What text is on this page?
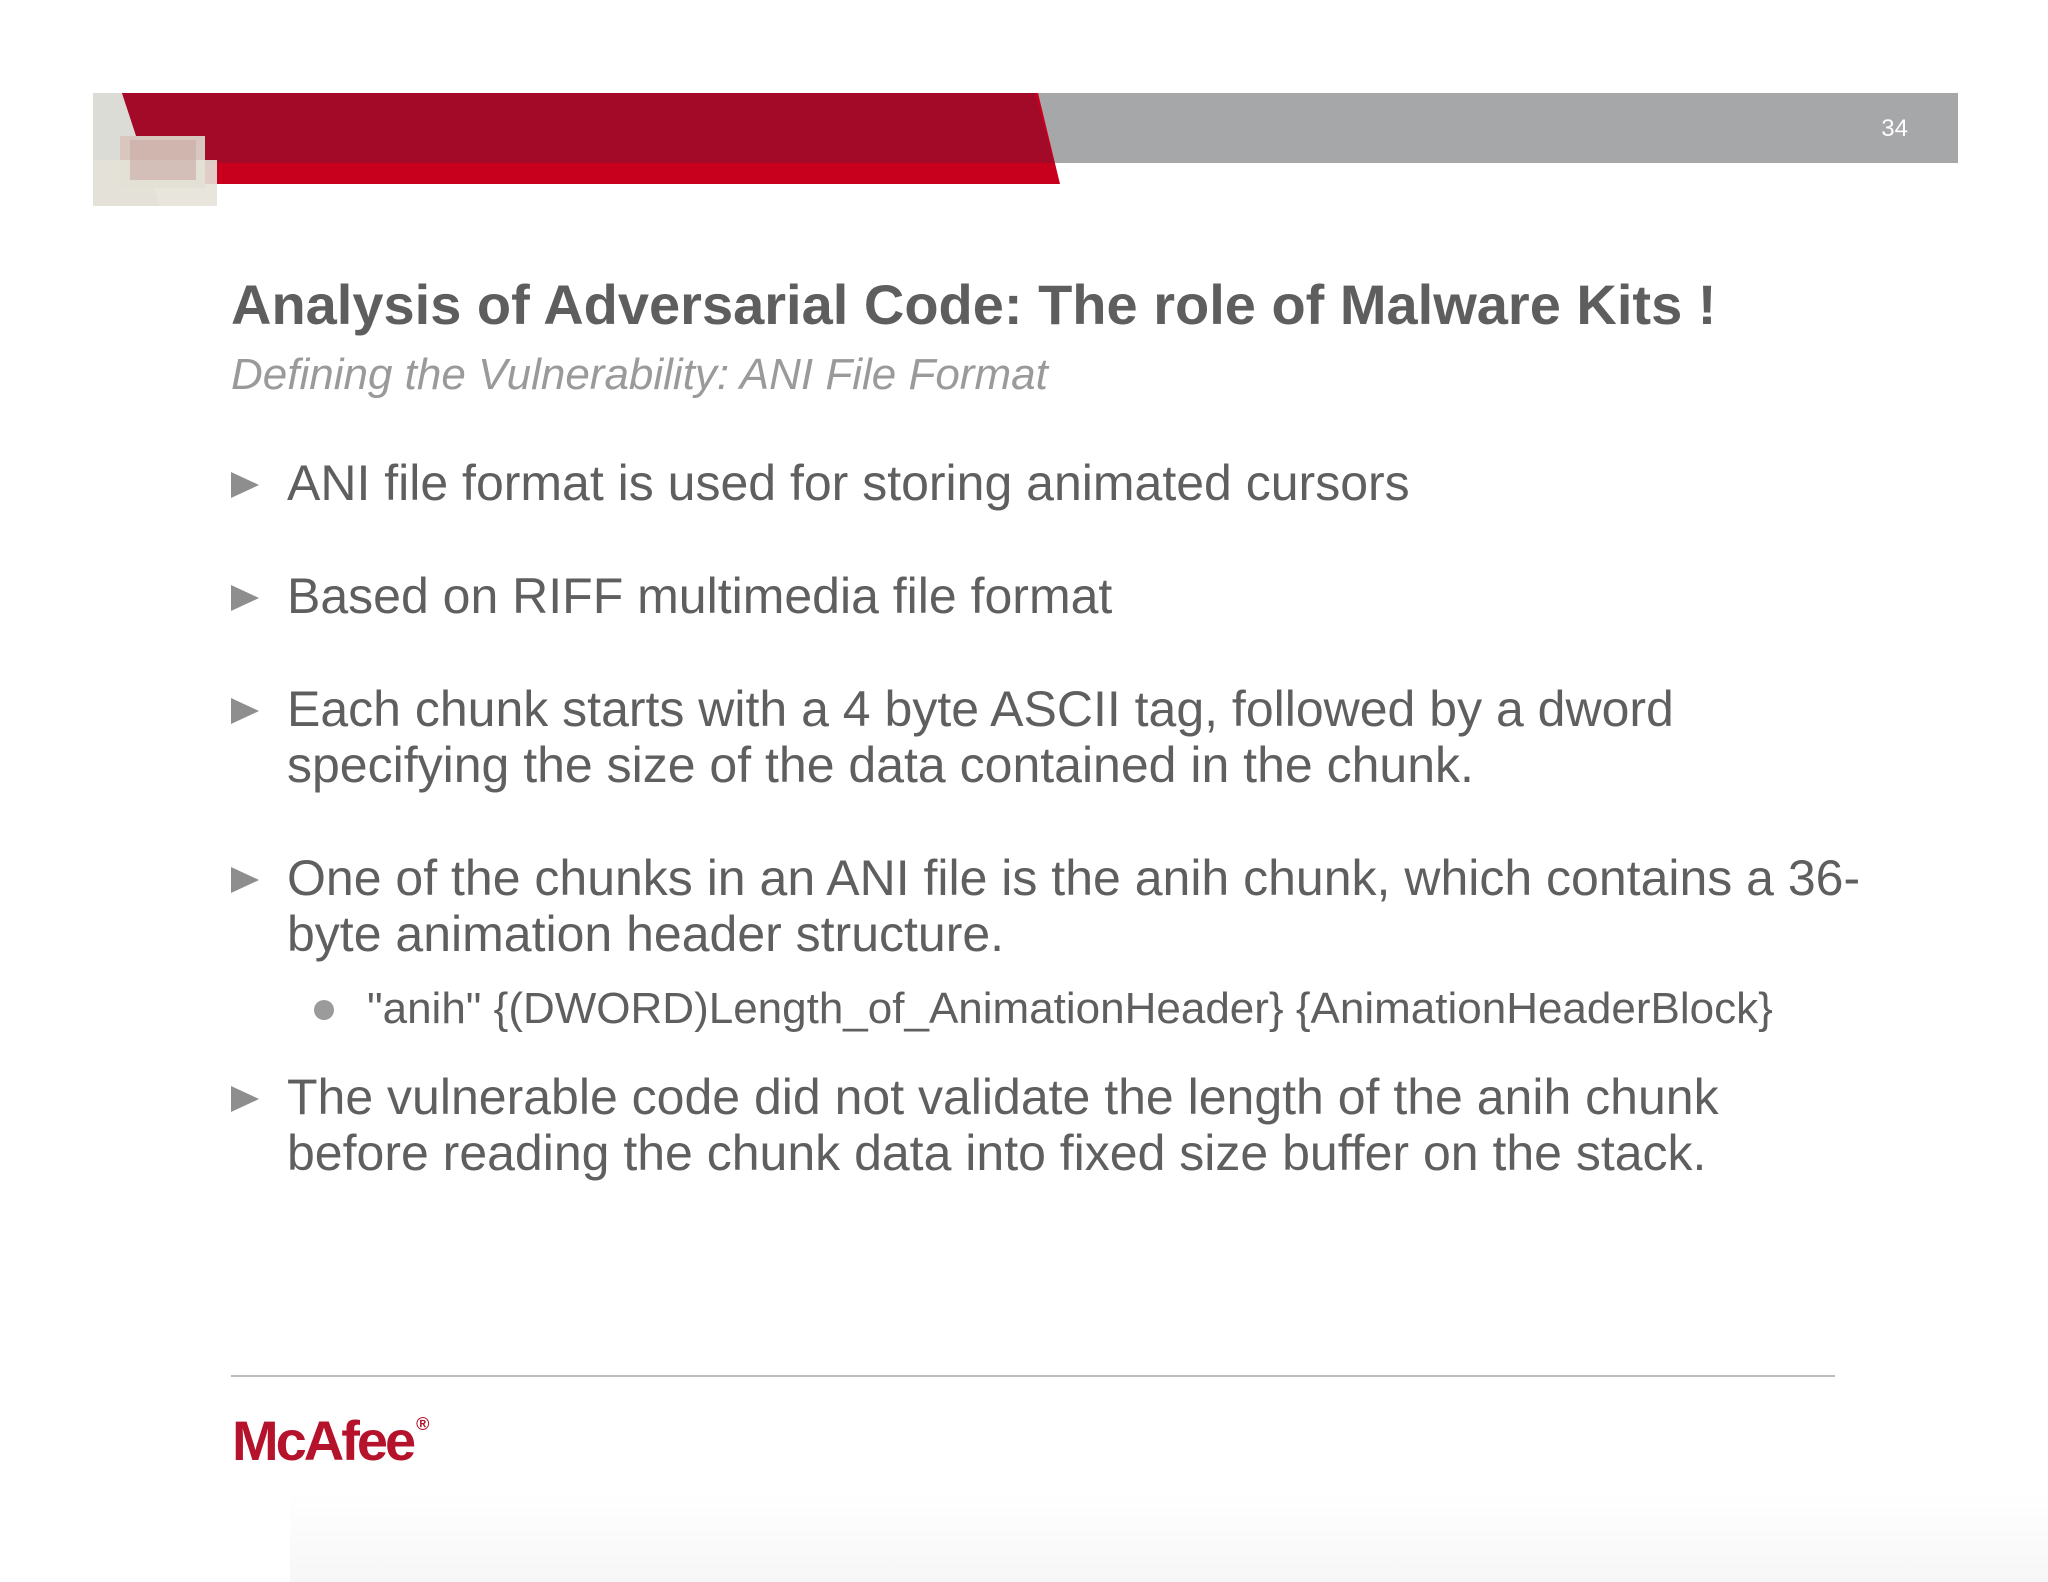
34
Analysis of Adversarial Code: The role of Malware Kits !
Defining the Vulnerability: ANI File Format
ANI file format is used for storing animated cursors
Based on RIFF multimedia file format
Each chunk starts with a 4 byte ASCII tag, followed by a dword specifying the size of the data contained in the chunk.
One of the chunks in an ANI file is the anih chunk, which contains a 36-byte animation header structure.
"anih" {(DWORD)Length_of_AnimationHeader} {AnimationHeaderBlock}
The vulnerable code did not validate the length of the anih chunk before reading the chunk data into fixed size buffer on the stack.
McAfee ®
